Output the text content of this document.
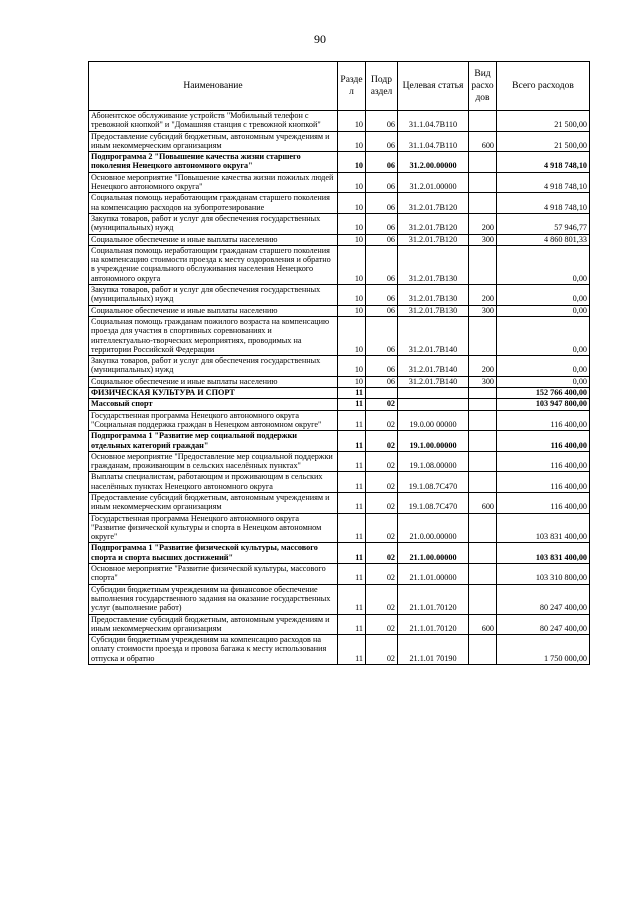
90
Наименование	Разде л	Подр аздел	Целевая статья	Вид расхо дов	Всего расходов
Абонентское обслуживание устройств "Мобильный телефон с тревожной кнопкой" и "Домашняя станция с тревожной кнопкой"	10	06	31.1.04.7В110		21 500,00
Предоставление субсидий бюджетным, автономным учреждениям и иным некоммерческим организациям	10	06	31.1.04.7В110	600	21 500,00
Подпрограмма 2 "Повышение качества жизни старшего поколения Ненецкого автономного округа"	10	06	31.2.00.00000		4 918 748,10
Основное мероприятие "Повышение качества жизни пожилых людей Ненецкого автономного округа"	10	06	31.2.01.00000		4 918 748,10
Социальная помощь неработающим гражданам старшего поколения на компенсацию расходов на зубопротезирование	10	06	31.2.01.7В120		4 918 748,10
Закупка товаров, работ и услуг для обеспечения государственных (муниципальных) нужд	10	06	31.2.01.7В120	200	57 946,77
Социальное обеспечение и иные выплаты населению	10	06	31.2.01.7В120	300	4 860 801,33
Социальная помощь неработающим гражданам старшего поколения на компенсацию стоимости проезда к месту оздоровления и обратно в учреждение социального обслуживания населения Ненецкого автономного округа	10	06	31.2.01.7В130		0,00
Закупка товаров, работ и услуг для обеспечения государственных (муниципальных) нужд	10	06	31.2.01.7В130	200	0,00
Социальное обеспечение и иные выплаты населению	10	06	31.2.01.7В130	300	0,00
Социальная помощь гражданам пожилого возраста на компенсацию проезда для участия в спортивных соревнованиях и интеллектуально-творческих мероприятиях, проводимых на территории Российской Федерации	10	06	31.2.01.7В140		0,00
Закупка товаров, работ и услуг для обеспечения государственных (муниципальных) нужд	10	06	31.2.01.7В140	200	0,00
Социальное обеспечение и иные выплаты населению	10	06	31.2.01.7В140	300	0,00
ФИЗИЧЕСКАЯ КУЛЬТУРА И СПОРТ	11				152 766 400,00
Массовый спорт	11	02			103 947 800,00
Государственная программа Ненецкого автономного округа "Социальная поддержка граждан в Ненецком автономном округе"	11	02	19.0.00 00000		116 400,00
Подпрограмма 1 "Развитие мер социальной поддержки отдельных категорий граждан"	11	02	19.1.00.00000		116 400,00
Основное мероприятие "Предоставление мер социальной поддержки гражданам, проживающим в сельских населённых пунктах"	11	02	19.1.08.00000		116 400,00
Выплаты специалистам, работающим и проживающим в сельских населённых пунктах Ненецкого автономного округа	11	02	19.1.08.7С470		116 400,00
Предоставление субсидий бюджетным, автономным учреждениям и иным некоммерческим организациям	11	02	19.1.08.7С470	600	116 400,00
Государственная программа Ненецкого автономного округа "Развитие физической культуры и спорта в Ненецком автономном округе"	11	02	21.0.00.00000		103 831 400,00
Подпрограмма 1 "Развитие физической культуры, массового спорта и спорта высших достижений"	11	02	21.1.00.00000		103 831 400,00
Основное мероприятие "Развитие физической культуры, массового спорта"	11	02	21.1.01.00000		103 310 800,00
Субсидии бюджетным учреждениям на финансовое обеспечение выполнения государственного задания на оказание государственных услуг (выполнение работ)	11	02	21.1.01.70120		80 247 400,00
Предоставление субсидий бюджетным, автономным учреждениям и иным некоммерческим организациям	11	02	21.1.01.70120	600	80 247 400,00
Субсидии бюджетным учреждениям на компенсацию расходов на оплату стоимости проезда и провоза багажа к месту использования отпуска и обратно	11	02	21.1.01 70190		1 750 000,00
